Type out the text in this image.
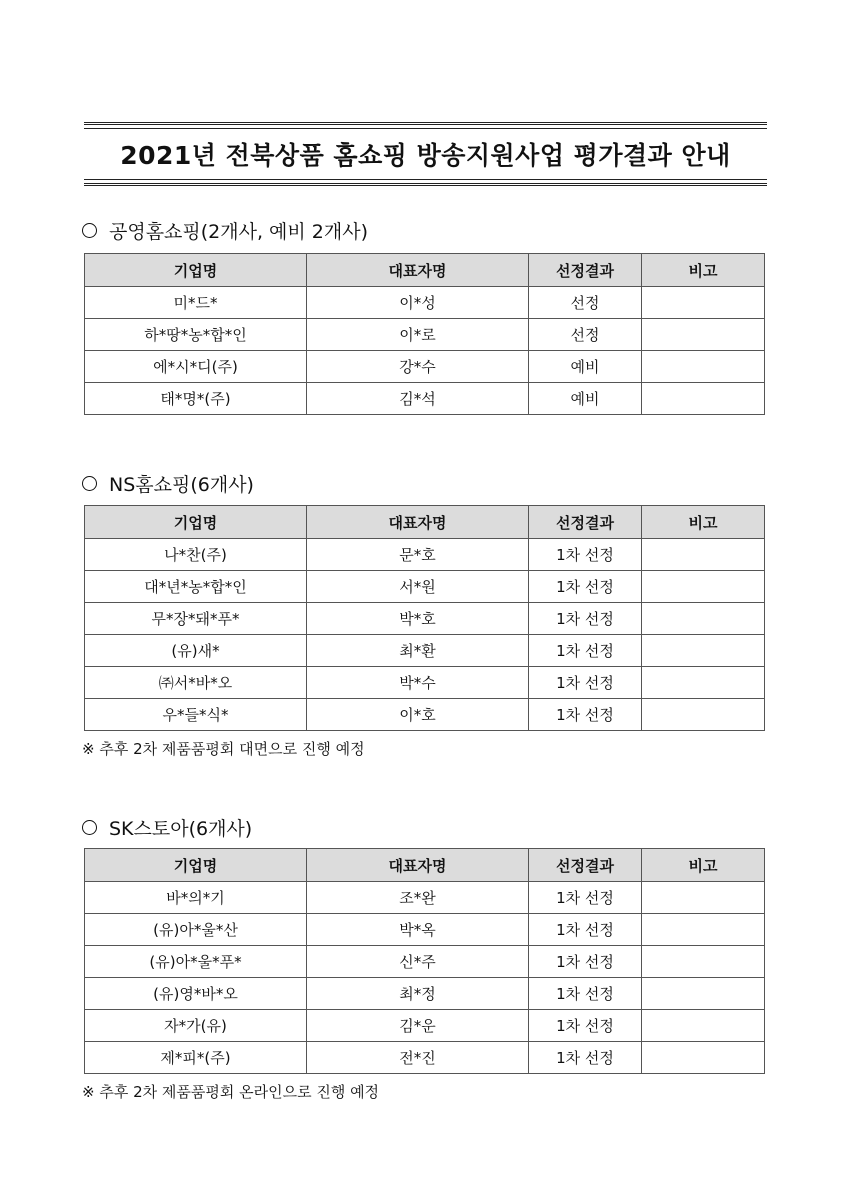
2021년 전북상품 홈쇼핑 방송지원사업 평가결과 안내
공영홈쇼핑(2개사, 예비 2개사)
기업명	대표자명	선정결과	비고
미*드*	이*성	선정	
하*땅*농*합*인	이*로	선정	
에*시*디(주)	강*수	예비	
태*명*(주)	김*석	예비	
NS홈쇼핑(6개사)
기업명	대표자명	선정결과	비고
나*찬(주)	문*호	1차 선정	
대*년*농*합*인	서*원	1차 선정	
무*장*돼*푸*	박*호	1차 선정	
(유)새*	최*환	1차 선정	
㈜서*바*오	박*수	1차 선정	
우*들*식*	이*호	1차 선정	
※ 추후 2차 제품품평회 대면으로 진행 예정
SK스토아(6개사)
기업명	대표자명	선정결과	비고
바*의*기	조*완	1차 선정	
(유)아*울*산	박*옥	1차 선정	
(유)아*울*푸*	신*주	1차 선정	
(유)영*바*오	최*정	1차 선정	
자*가(유)	김*운	1차 선정	
제*피*(주)	전*진	1차 선정	
※ 추후 2차 제품품평회 온라인으로 진행 예정
